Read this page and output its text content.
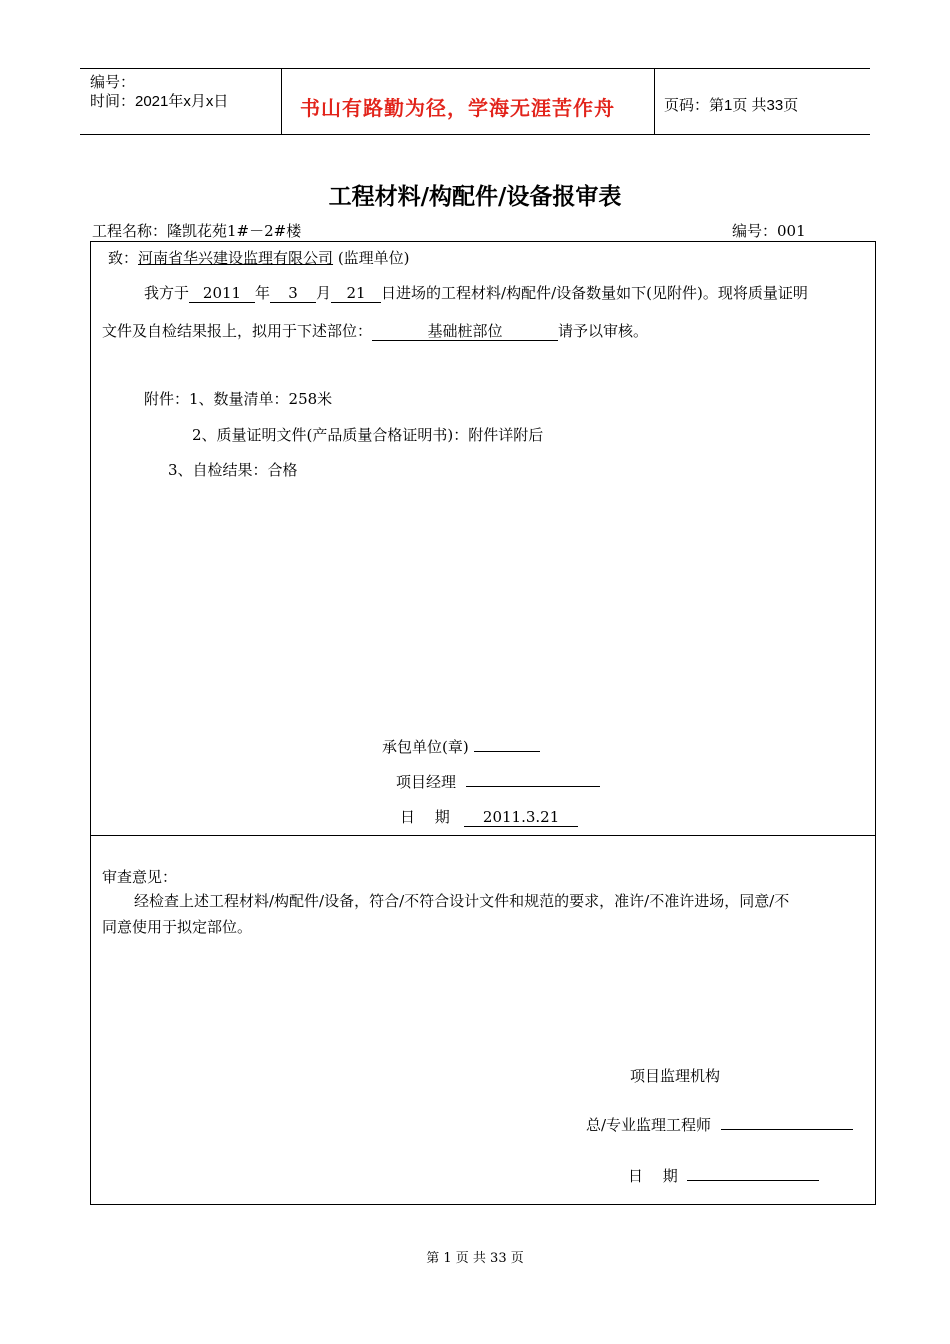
编号：
时间：2021年x月x日	书山有路勤为径，学海无涯苦作舟	页码：第1页 共33页
工程材料/构配件/设备报审表
工程名称：隆凯花苑1#－2#楼	编号：001
致：河南省华兴建设监理有限公司 (监理单位)
我方于 2011 年 3 月 21 日进场的工程材料/构配件/设备数量如下(见附件)。现将质量证明
文件及自检结果报上，拟用于下述部位：	基础桩部位	请予以审核。
附件：1、数量清单：258米
2、质量证明文件(产品质量合格证明书)：附件详附后
3、自检结果：合格
承包单位(章)
项目经理
日　 期 2011.3.21
审查意见：
经检查上述工程材料/构配件/设备，符合/不符合设计文件和规范的要求，准许/不准许进场，同意/不
同意使用于拟定部位。
项目监理机构
总/专业监理工程师
日　 期
第 1 页 共 33 页
